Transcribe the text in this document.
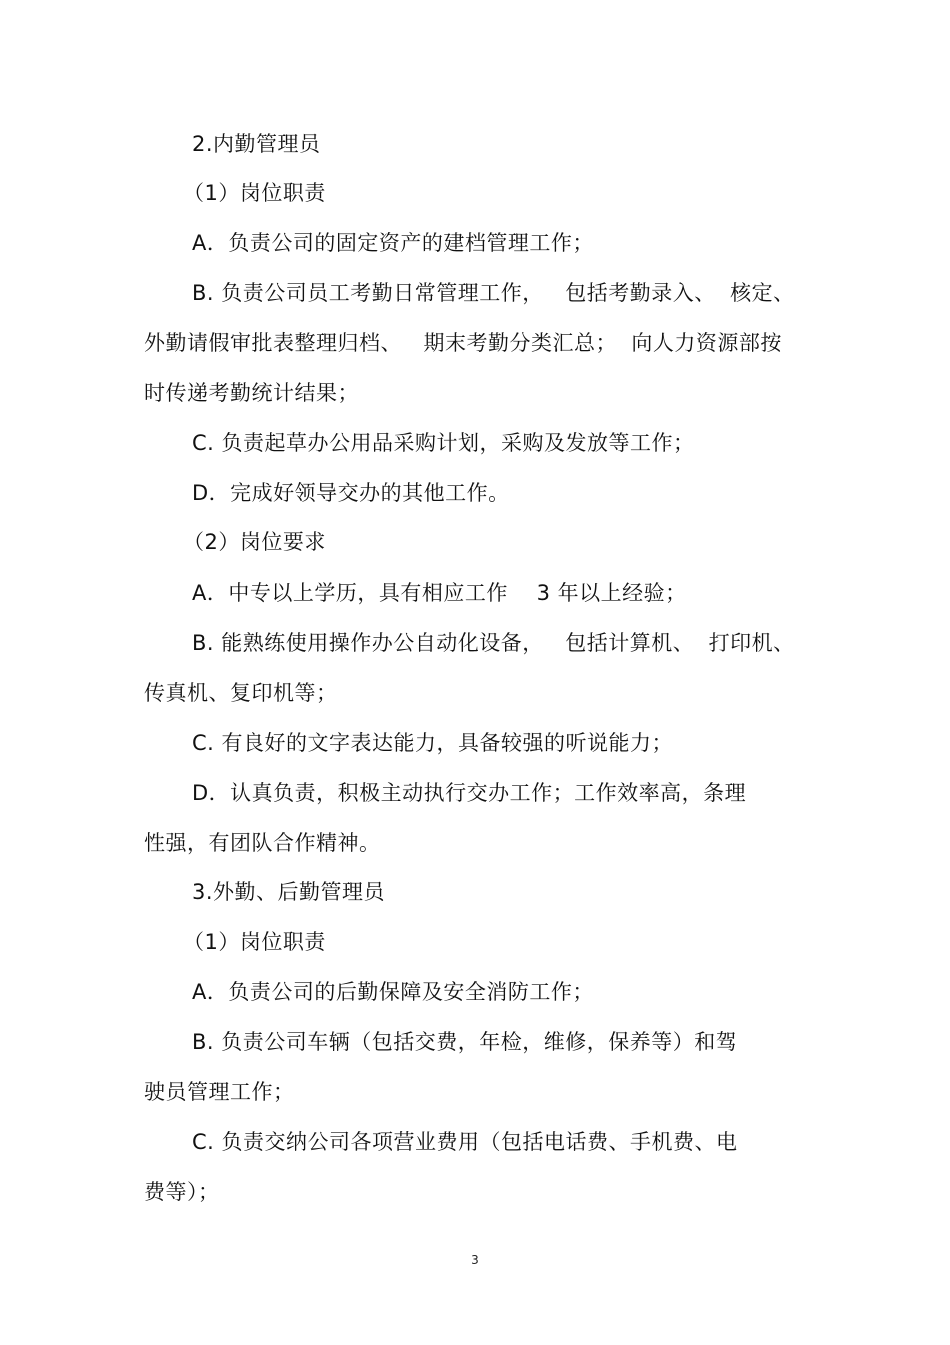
2.内勤管理员
（1）岗位职责
A．负责公司的固定资产的建档管理工作；
B. 负责公司员工考勤日常管理工作，   包括考勤录入、  核定、
外勤请假审批表整理归档、   期末考勤分类汇总；  向人力资源部按
时传递考勤统计结果；
C. 负责起草办公用品采购计划，采购及发放等工作；
D．完成好领导交办的其他工作。
（2）岗位要求
A．中专以上学历，具有相应工作    3 年以上经验；
B. 能熟练使用操作办公自动化设备，   包括计算机、  打印机、
传真机、复印机等；
C. 有良好的文字表达能力，具备较强的听说能力；
D．认真负责，积极主动执行交办工作；工作效率高，条理
性强，有团队合作精神。
3.外勤、后勤管理员
（1）岗位职责
A．负责公司的后勤保障及安全消防工作；
B. 负责公司车辆（包括交费，年检，维修，保养等）和驾
驶员管理工作；
C. 负责交纳公司各项营业费用（包括电话费、手机费、电
费等）；
3
